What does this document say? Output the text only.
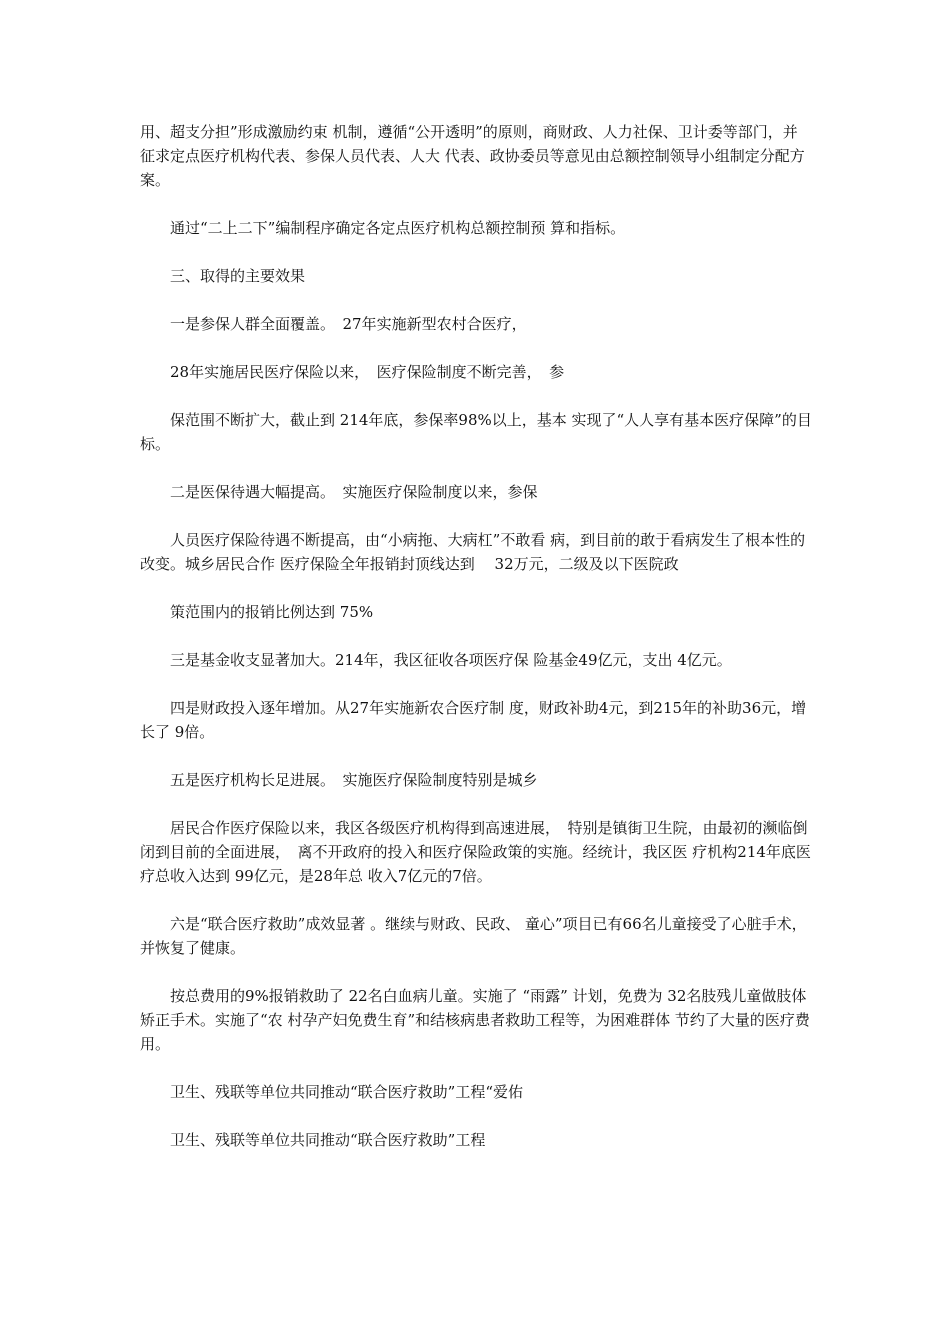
用、超支分担”形成激励约束 机制，遵循“公开透明”的原则，商财政、人力社保、卫计委等部门，并征求定点医疗机构代表、参保人员代表、人大 代表、政协委员等意见由总额控制领导小组制定分配方案。

通过“二上二下”编制程序确定各定点医疗机构总额控制预 算和指标。

三、取得的主要效果

一是参保人群全面覆盖。　27年实施新型农村合医疗，

28年实施居民医疗保险以来，　医疗保险制度不断完善，　参

保范围不断扩大，截止到 214年底，参保率98%以上，基本 实现了“人人享有基本医疗保障”的目标。

二是医保待遇大幅提高。　实施医疗保险制度以来，参保

人员医疗保险待遇不断提高，由“小病拖、大病杠”不敢看 病，到目前的敢于看病发生了根本性的改变。城乡居民合作 医疗保险全年报销封顶线达到　 32万元，二级及以下医院政

策范围内的报销比例达到 75%

三是基金收支显著加大。214年，我区征收各项医疗保 险基金49亿元，支出 4亿元。

四是财政投入逐年增加。从27年实施新农合医疗制 度，财政补助4元，到215年的补助36元，增长了 9倍。

五是医疗机构长足进展。　实施医疗保险制度特别是城乡

居民合作医疗保险以来，我区各级医疗机构得到高速进展，　特别是镇街卫生院，由最初的濒临倒闭到目前的全面进展，　离不开政府的投入和医疗保险政策的实施。经统计，我区医 疗机构214年底医疗总收入达到 99亿元，是28年总 收入7亿元的7倍。

六是“联合医疗救助”成效显著 。继续与财政、民政、 童心”项目已有66名儿童接受了心脏手术，并恢复了健康。

按总费用的9%报销救助了 22名白血病儿童。实施了 “雨露” 计划，免费为 32名肢残儿童做肢体矫正手术。实施了“农 村孕产妇免费生育”和结核病患者救助工程等，为困难群体 节约了大量的医疗费用。

卫生、残联等单位共同推动“联合医疗救助”工程“爱佑

卫生、残联等单位共同推动“联合医疗救助”工程
